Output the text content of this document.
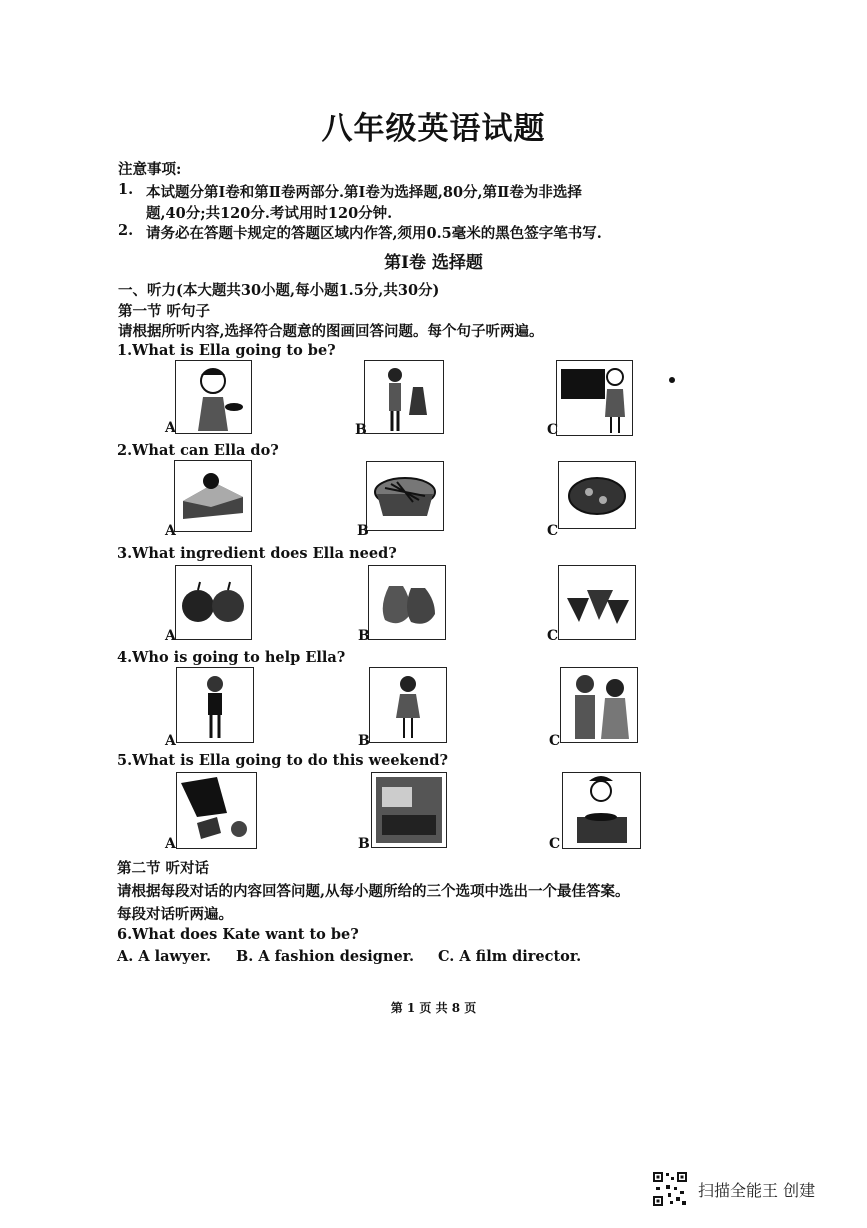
八年级英语试题
注意事项:
1. 本试题分第Ⅰ卷和第Ⅱ卷两部分.第Ⅰ卷为选择题,80分,第Ⅱ卷为非选择
题,40分;共120分.考试用时120分钟.
2. 请务必在答题卡规定的答题区域内作答,须用0.5毫米的黑色签字笔书写.
第Ⅰ卷 选择题
一、听力(本大题共30小题,每小题1.5分,共30分)
第一节 听句子
请根据所听内容,选择符合题意的图画回答问题。每个句子听两遍。
1.What is Ella going to be?
A	B	C
2.What can Ella do?
A	B	C
3.What ingredient does Ella need?
A	B	C
4.Who is going to help Ella?
A	B	C
5.What is Ella going to do this weekend?
A	B	C
第二节 听对话
请根据每段对话的内容回答问题,从每小题所给的三个选项中选出一个最佳答案。
每段对话听两遍。
6.What does Kate want to be?
A. A lawyer. B. A fashion designer. C. A film director.
第 1 页 共 8 页
扫描全能王 创建
